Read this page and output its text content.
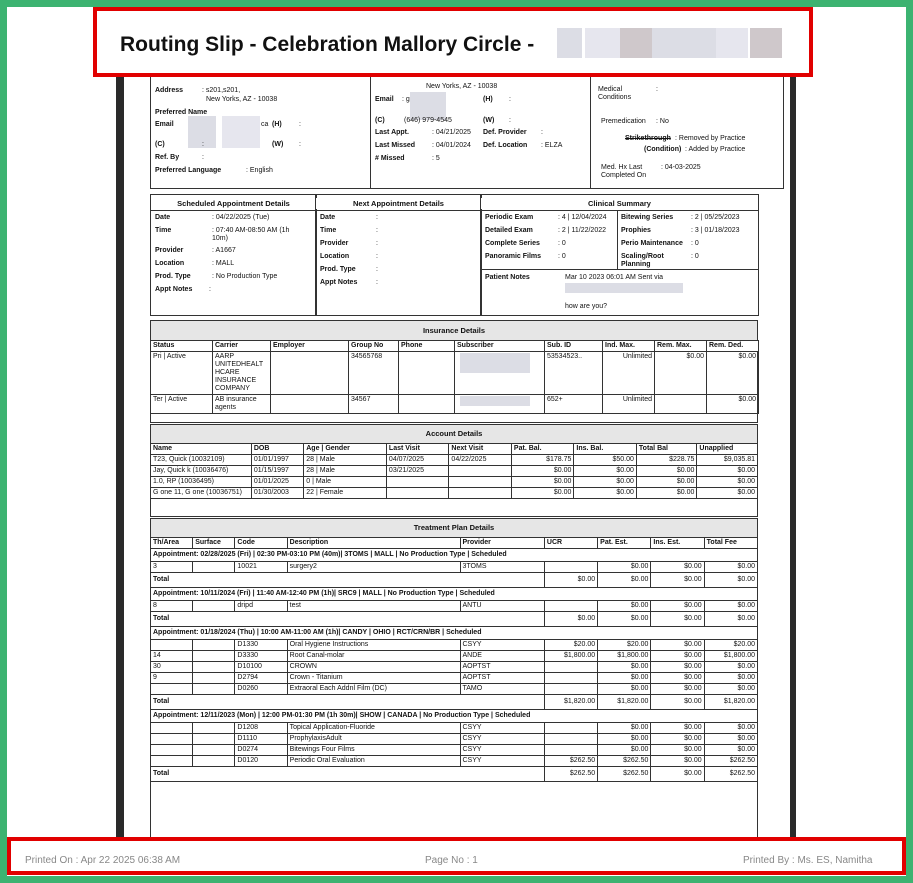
Address	: s201,s201,
New Yorks, AZ - 10038
Preferred Name
Email	ca (H) :
(C)	:	(W) :
Ref. By	:
Preferred Language	: English
New Yorks, AZ - 10038
Email : g	(H) :
(C)	(646) 979-4545	(W) :
Last Appt.	: 04/21/2025
Last Missed : 04/01/2024
# Missed	: 5
Def. Provider :
Def. Location : ELZA
Medical
Conditions
:
Premedication : No
Strikethrough : Removed by Practice
(Condition) : Added by Practice
Med. Hx Last
Completed On
: 04-03-2025
Scheduled Appointment Details
Date	: 04/22/2025 (Tue)
Time	: 07:40 AM-08:50 AM (1h 10m)
Provider	: A1667
Location	: MALL
Prod. Type	: No Production Type
Appt Notes :
Next Appointment Details
Date	:
Time	:
Provider	:
Location	:
Prod. Type	:
Appt Notes	:
Clinical Summary
Periodic Exam	: 4 | 12/04/2024
Detailed Exam	: 2 | 11/22/2022
Complete Series	: 0
Panoramic Films : 0
Bitewing Series	: 2 | 05/25/2023
Prophies	: 3 | 01/18/2023
Perio Maintenance : 0
Scaling/Root Planning
: 0
Patient Notes	Mar 10 2023 06:01 AM Sent via
how are you?
Insurance Details
Status	Carrier	Employer	Group No	Phone	Subscriber	Sub. ID	Ind. Max.	Rem. Max.	Rem. Ded.
Pri | Active	AARP UNITEDHEALT HCARE INSURANCE COMPANY		34565768			53534523..	Unlimited	$0.00	$0.00
Ter | Active	AB insurance agents		34567			652+	Unlimited		$0.00
Account Details
Name	DOB	Age | Gender	Last Visit	Next Visit	Pat. Bal.	Ins. Bal.	Total Bal	Unapplied
T23, Quick (10032109)	01/01/1997	28 | Male	04/07/2025	04/22/2025	$178.75	$50.00	$228.75	$9,035.81
Jay, Quick k (10036476)	01/15/1997	28 | Male	03/21/2025		$0.00	$0.00	$0.00	$0.00
1.0, RP (10036495)	01/01/2025	0 | Male			$0.00	$0.00	$0.00	$0.00
G one 11, G one (10036751)	01/30/2003	22 | Female			$0.00	$0.00	$0.00	$0.00
Treatment Plan Details
Th/Area	Surface	Code	Description	Provider	UCR	Pat. Est.	Ins. Est.	Total Fee
Appointment: 02/28/2025 (Fri) | 02:30 PM-03:10 PM (40m)| 3TOMS | MALL | No Production Type | Scheduled								
3		10021	surgery2	3TOMS		$0.00	$0.00	$0.00
Total					$0.00	$0.00	$0.00	$0.00
Appointment: 10/11/2024 (Fri) | 11:40 AM-12:40 PM (1h)| SRC9 | MALL | No Production Type | Scheduled								
8		dripd	test	ANTU		$0.00	$0.00	$0.00
Total					$0.00	$0.00	$0.00	$0.00
Appointment: 01/18/2024 (Thu) | 10:00 AM-11:00 AM (1h)| CANDY | OHIO | RCT/CRN/BR | Scheduled								
		D1330	Oral Hygiene Instructions	CSYY	$20.00	$20.00	$0.00	$20.00
14		D3330	Root Canal-molar	ANDE	$1,800.00	$1,800.00	$0.00	$1,800.00
30		D10100	CROWN	AOPTST		$0.00	$0.00	$0.00
9		D2794	Crown - Titanium	AOPTST		$0.00	$0.00	$0.00
		D0260	Extraoral Each Addnl Film (DC)	TAMO		$0.00	$0.00	$0.00
Total					$1,820.00	$1,820.00	$0.00	$1,820.00
Appointment: 12/11/2023 (Mon) | 12:00 PM-01:30 PM (1h 30m)| SHOW | CANADA | No Production Type | Scheduled								
		D1208	Topical Application-Fluoride	CSYY		$0.00	$0.00	$0.00
		D1110	ProphylaxisAdult	CSYY		$0.00	$0.00	$0.00
		D0274	Bitewings Four Films	CSYY		$0.00	$0.00	$0.00
		D0120	Periodic Oral Evaluation	CSYY	$262.50	$262.50	$0.00	$262.50
Total					$262.50	$262.50	$0.00	$262.50
Routing Slip - Celebration Mallory Circle -
Printed On : Apr 22 2025 06:38 AM	Page No : 1	Printed By : Ms. ES, Namitha
